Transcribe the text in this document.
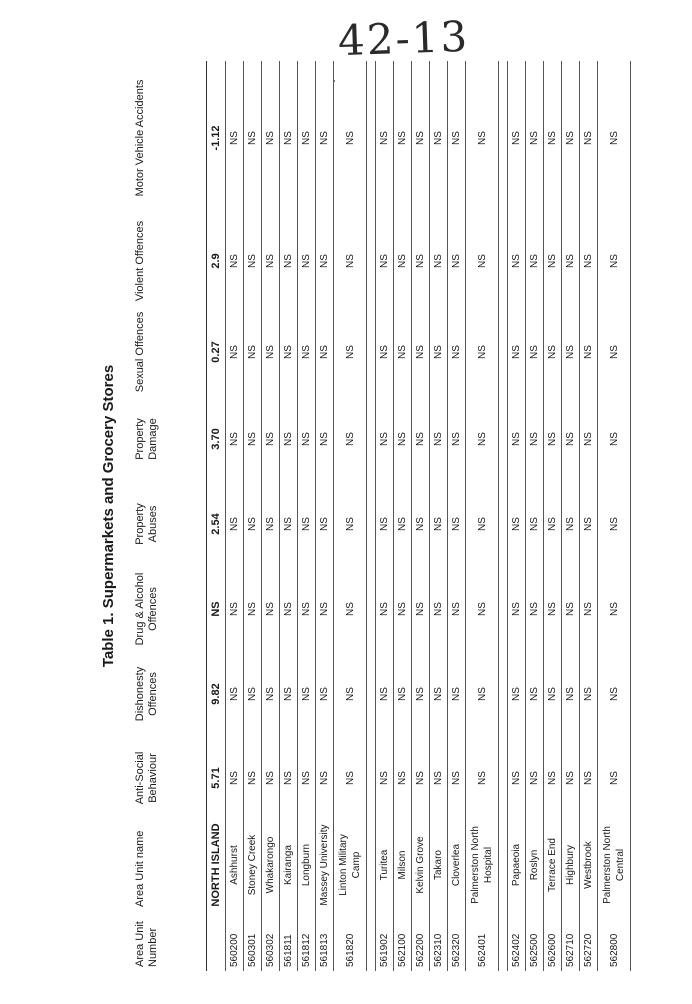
42-13
Table 1. Supermarkets and Grocery Stores
Area Unit Number	Area Unit name	Anti-Social Behaviour	Dishonesty Offences	Drug & Alcohol Offences	Property Abuses	Property Damage	Sexual Offences	Violent Offences	Motor Vehicle Accidents
	NORTH ISLAND	5.71	9.82	NS	2.54	3.70	0.27	2.9	-1.12
560200	Ashhurst	NS	NS	NS	NS	NS	NS	NS	NS
560301	Stoney Creek	NS	NS	NS	NS	NS	NS	NS	NS
560302	Whakarongo	NS	NS	NS	NS	NS	NS	NS	NS
561811	Kairanga	NS	NS	NS	NS	NS	NS	NS	NS
561812	Longburn	NS	NS	NS	NS	NS	NS	NS	NS
561813	Massey University	NS	NS	NS	NS	NS	NS	NS	NS
561820	Linton Military Camp	NS	NS	NS	NS	NS	NS	NS	NS

561902	Turitea	NS	NS	NS	NS	NS	NS	NS	NS
562100	Milson	NS	NS	NS	NS	NS	NS	NS	NS
562200	Kelvin Grove	NS	NS	NS	NS	NS	NS	NS	NS
562310	Takaro	NS	NS	NS	NS	NS	NS	NS	NS
562320	Cloverlea	NS	NS	NS	NS	NS	NS	NS	NS
562401	Palmerston North Hospital	NS	NS	NS	NS	NS	NS	NS	NS

562402	Papaeoia	NS	NS	NS	NS	NS	NS	NS	NS
562500	Roslyn	NS	NS	NS	NS	NS	NS	NS	NS
562600	Terrace End	NS	NS	NS	NS	NS	NS	NS	NS
562710	Highbury	NS	NS	NS	NS	NS	NS	NS	NS
562720	Westbrook	NS	NS	NS	NS	NS	NS	NS	NS
562800	Palmerston North Central	NS	NS	NS	NS	NS	NS	NS	NS
